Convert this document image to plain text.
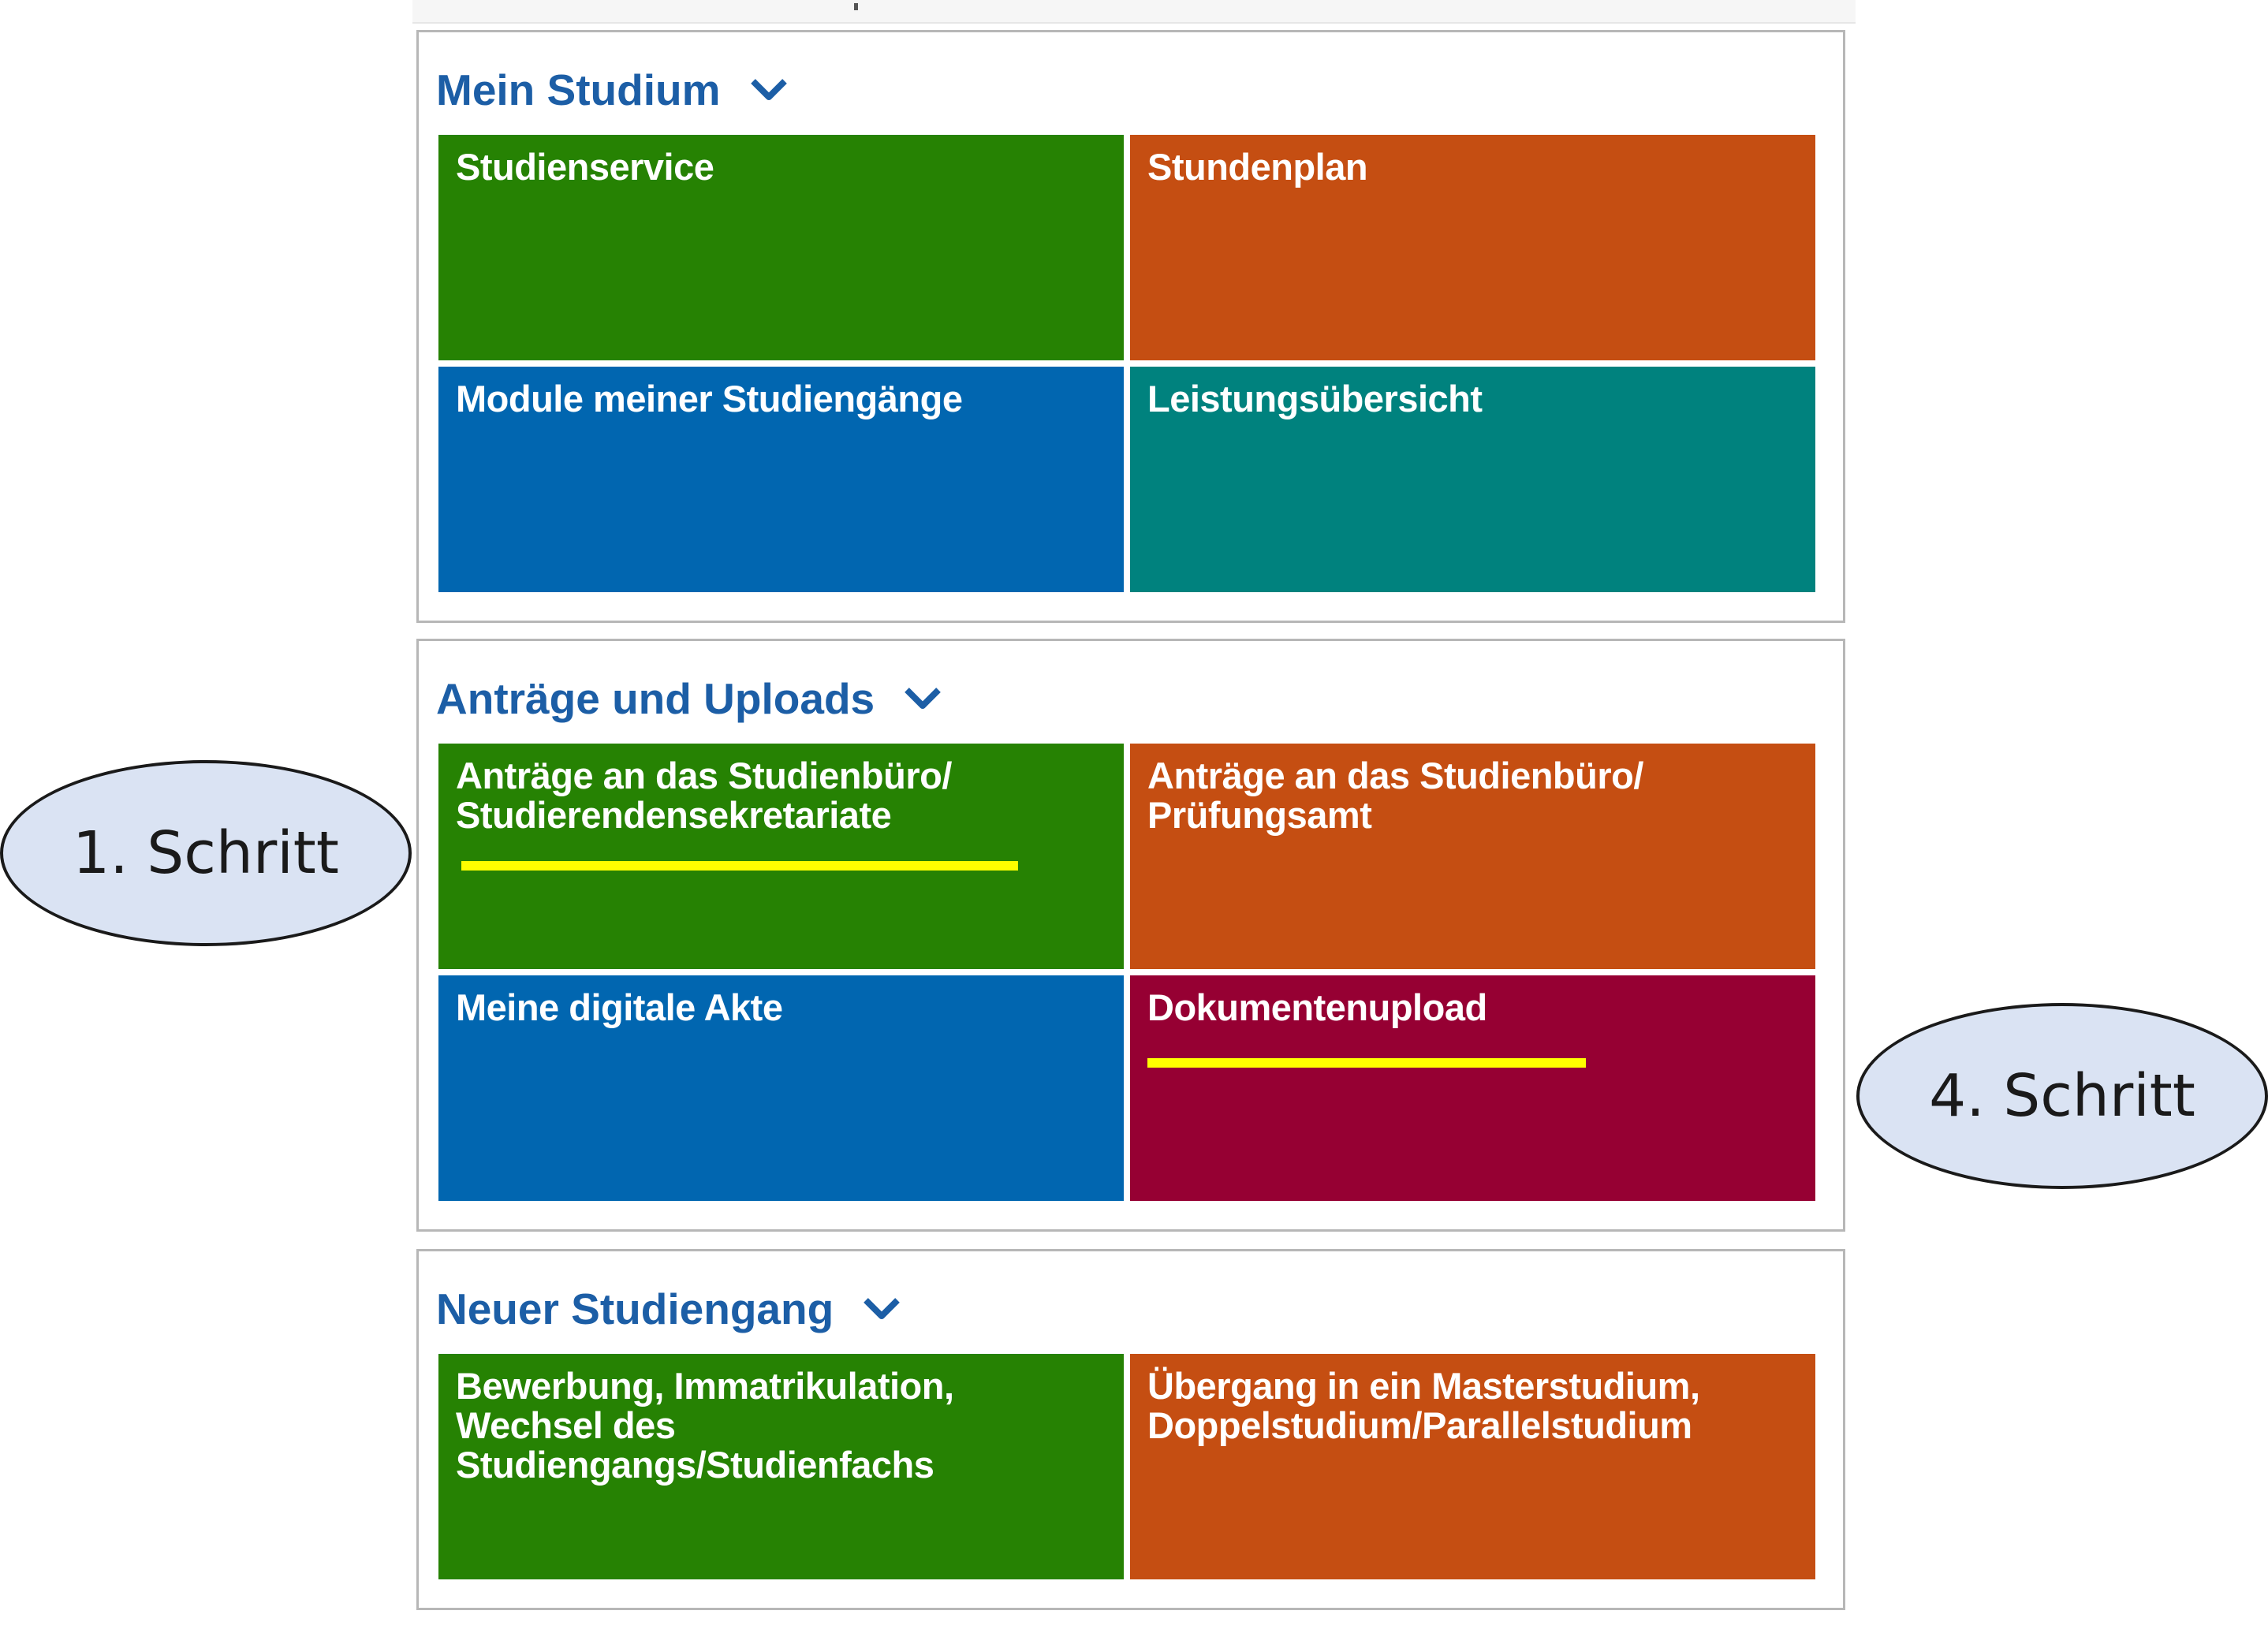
Mein Studium
Studienservice	Stundenplan
Module meiner Studiengänge	Leistungsübersicht
Anträge und Uploads
Anträge an das Studienbüro/
Studierendensekretariate
Anträge an das Studienbüro/
Prüfungsamt
Meine digitale Akte	Dokumentenupload
Neuer Studiengang
Bewerbung, Immatrikulation,
Wechsel des
Studiengangs/Studienfachs
Übergang in ein Masterstudium,
Doppelstudium/Parallelstudium
1. Schritt
4. Schritt
